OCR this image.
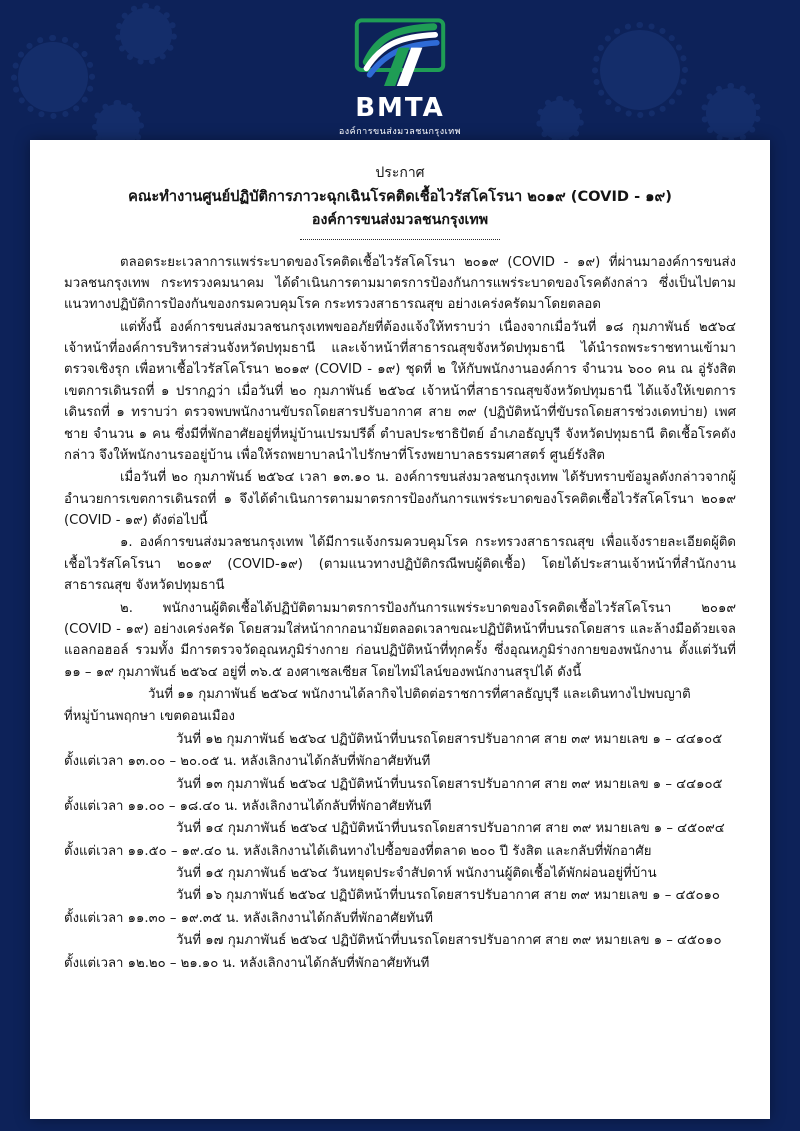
BMTA
องค์การขนส่งมวลชนกรุงเทพ
ประกาศ
คณะทำงานศูนย์ปฏิบัติการภาวะฉุกเฉินโรคติดเชื้อไวรัสโคโรนา ๒๐๑๙ (COVID - ๑๙)
องค์การขนส่งมวลชนกรุงเทพ

ตลอดระยะเวลาการแพร่ระบาดของโรคติดเชื้อไวรัสโคโรนา ๒๐๑๙ (COVID - ๑๙) ที่ผ่านมาองค์การขนส่งมวลชนกรุงเทพ กระทรวงคมนาคม ได้ดำเนินการตามมาตรการป้องกันการแพร่ระบาดของโรคดังกล่าว ซึ่งเป็นไปตามแนวทางปฏิบัติการป้องกันของกรมควบคุมโรค กระทรวงสาธารณสุข อย่างเคร่งครัดมาโดยตลอด

แต่ทั้งนี้ องค์การขนส่งมวลชนกรุงเทพขออภัยที่ต้องแจ้งให้ทราบว่า เนื่องจากเมื่อวันที่ ๑๘ กุมภาพันธ์ ๒๕๖๔ เจ้าหน้าที่องค์การบริหารส่วนจังหวัดปทุมธานี และเจ้าหน้าที่สาธารณสุขจังหวัดปทุมธานี ได้นำรถพระราชทานเข้ามาตรวจเชิงรุก เพื่อหาเชื้อไวรัสโคโรนา ๒๐๑๙ (COVID - ๑๙) ชุดที่ ๒ ให้กับพนักงานองค์การ จำนวน ๖๐๐ คน ณ อู่รังสิต เขตการเดินรถที่ ๑ ปรากฏว่า เมื่อวันที่ ๒๐ กุมภาพันธ์ ๒๕๖๔ เจ้าหน้าที่สาธารณสุขจังหวัดปทุมธานี ได้แจ้งให้เขตการเดินรถที่ ๑ ทราบว่า ตรวจพบพนักงานขับรถโดยสารปรับอากาศ สาย ๓๙ (ปฏิบัติหน้าที่ขับรถโดยสารช่วงเดทบ่าย) เพศชาย จำนวน ๑ คน ซึ่งมีที่พักอาศัยอยู่ที่หมู่บ้านเปรมปรีดิ์ ตำบลประชาธิปัตย์ อำเภอธัญบุรี จังหวัดปทุมธานี ติดเชื้อโรคดังกล่าว จึงให้พนักงานรออยู่บ้าน เพื่อให้รถพยาบาลนำไปรักษาที่โรงพยาบาลธรรมศาสตร์ ศูนย์รังสิต

เมื่อวันที่ ๒๐ กุมภาพันธ์ ๒๕๖๔ เวลา ๑๓.๑๐ น. องค์การขนส่งมวลชนกรุงเทพ ได้รับทราบข้อมูลดังกล่าวจากผู้อำนวยการเขตการเดินรถที่ ๑ จึงได้ดำเนินการตามมาตรการป้องกันการแพร่ระบาดของโรคติดเชื้อไวรัสโคโรนา ๒๐๑๙ (COVID - ๑๙) ดังต่อไปนี้

๑. องค์การขนส่งมวลชนกรุงเทพ ได้มีการแจ้งกรมควบคุมโรค กระทรวงสาธารณสุข เพื่อแจ้งรายละเอียดผู้ติดเชื้อไวรัสโคโรนา ๒๐๑๙ (COVID-๑๙) (ตามแนวทางปฏิบัติกรณีพบผู้ติดเชื้อ) โดยได้ประสานเจ้าหน้าที่สำนักงานสาธารณสุข จังหวัดปทุมธานี

๒. พนักงานผู้ติดเชื้อได้ปฏิบัติตามมาตรการป้องกันการแพร่ระบาดของโรคติดเชื้อไวรัสโคโรนา ๒๐๑๙ (COVID - ๑๙) อย่างเคร่งครัด โดยสวมใส่หน้ากากอนามัยตลอดเวลาขณะปฏิบัติหน้าที่บนรถโดยสาร และล้างมือด้วยเจลแอลกอฮอล์ รวมทั้ง มีการตรวจวัดอุณหภูมิร่างกาย ก่อนปฏิบัติหน้าที่ทุกครั้ง ซึ่งอุณหภูมิร่างกายของพนักงาน ตั้งแต่วันที่ ๑๑ – ๑๙ กุมภาพันธ์ ๒๕๖๔ อยู่ที่ ๓๖.๕ องศาเซลเซียส โดยไทม์ไลน์ของพนักงานสรุปได้ ดังนี้

วันที่ ๑๑ กุมภาพันธ์ ๒๕๖๔ พนักงานได้ลากิจไปติดต่อราชการที่ศาลธัญบุรี และเดินทางไปพบญาติ

ที่หมู่บ้านพฤกษา เขตดอนเมือง

วันที่ ๑๒ กุมภาพันธ์ ๒๕๖๔ ปฏิบัติหน้าที่บนรถโดยสารปรับอากาศ สาย ๓๙ หมายเลข ๑ – ๔๔๑๐๕

ตั้งแต่เวลา ๑๓.๐๐ – ๒๐.๐๕ น. หลังเลิกงานได้กลับที่พักอาศัยทันที

วันที่ ๑๓ กุมภาพันธ์ ๒๕๖๔ ปฏิบัติหน้าที่บนรถโดยสารปรับอากาศ สาย ๓๙ หมายเลข ๑ – ๔๔๑๐๕

ตั้งแต่เวลา ๑๑.๐๐ – ๑๘.๔๐ น. หลังเลิกงานได้กลับที่พักอาศัยทันที

วันที่ ๑๔ กุมภาพันธ์ ๒๕๖๔ ปฏิบัติหน้าที่บนรถโดยสารปรับอากาศ สาย ๓๙ หมายเลข ๑ – ๔๕๐๙๔

ตั้งแต่เวลา ๑๑.๕๐ – ๑๙.๔๐ น. หลังเลิกงานได้เดินทางไปซื้อของที่ตลาด ๒๐๐ ปี รังสิต และกลับที่พักอาศัย

วันที่ ๑๕ กุมภาพันธ์ ๒๕๖๔ วันหยุดประจำสัปดาห์ พนักงานผู้ติดเชื้อได้พักผ่อนอยู่ที่บ้าน

วันที่ ๑๖ กุมภาพันธ์ ๒๕๖๔ ปฏิบัติหน้าที่บนรถโดยสารปรับอากาศ สาย ๓๙ หมายเลข ๑ – ๔๕๐๑๐

ตั้งแต่เวลา ๑๑.๓๐ – ๑๙.๓๕ น. หลังเลิกงานได้กลับที่พักอาศัยทันที

วันที่ ๑๗ กุมภาพันธ์ ๒๕๖๔ ปฏิบัติหน้าที่บนรถโดยสารปรับอากาศ สาย ๓๙ หมายเลข ๑ – ๔๕๐๑๐

ตั้งแต่เวลา ๑๒.๒๐ – ๒๑.๑๐ น. หลังเลิกงานได้กลับที่พักอาศัยทันที
